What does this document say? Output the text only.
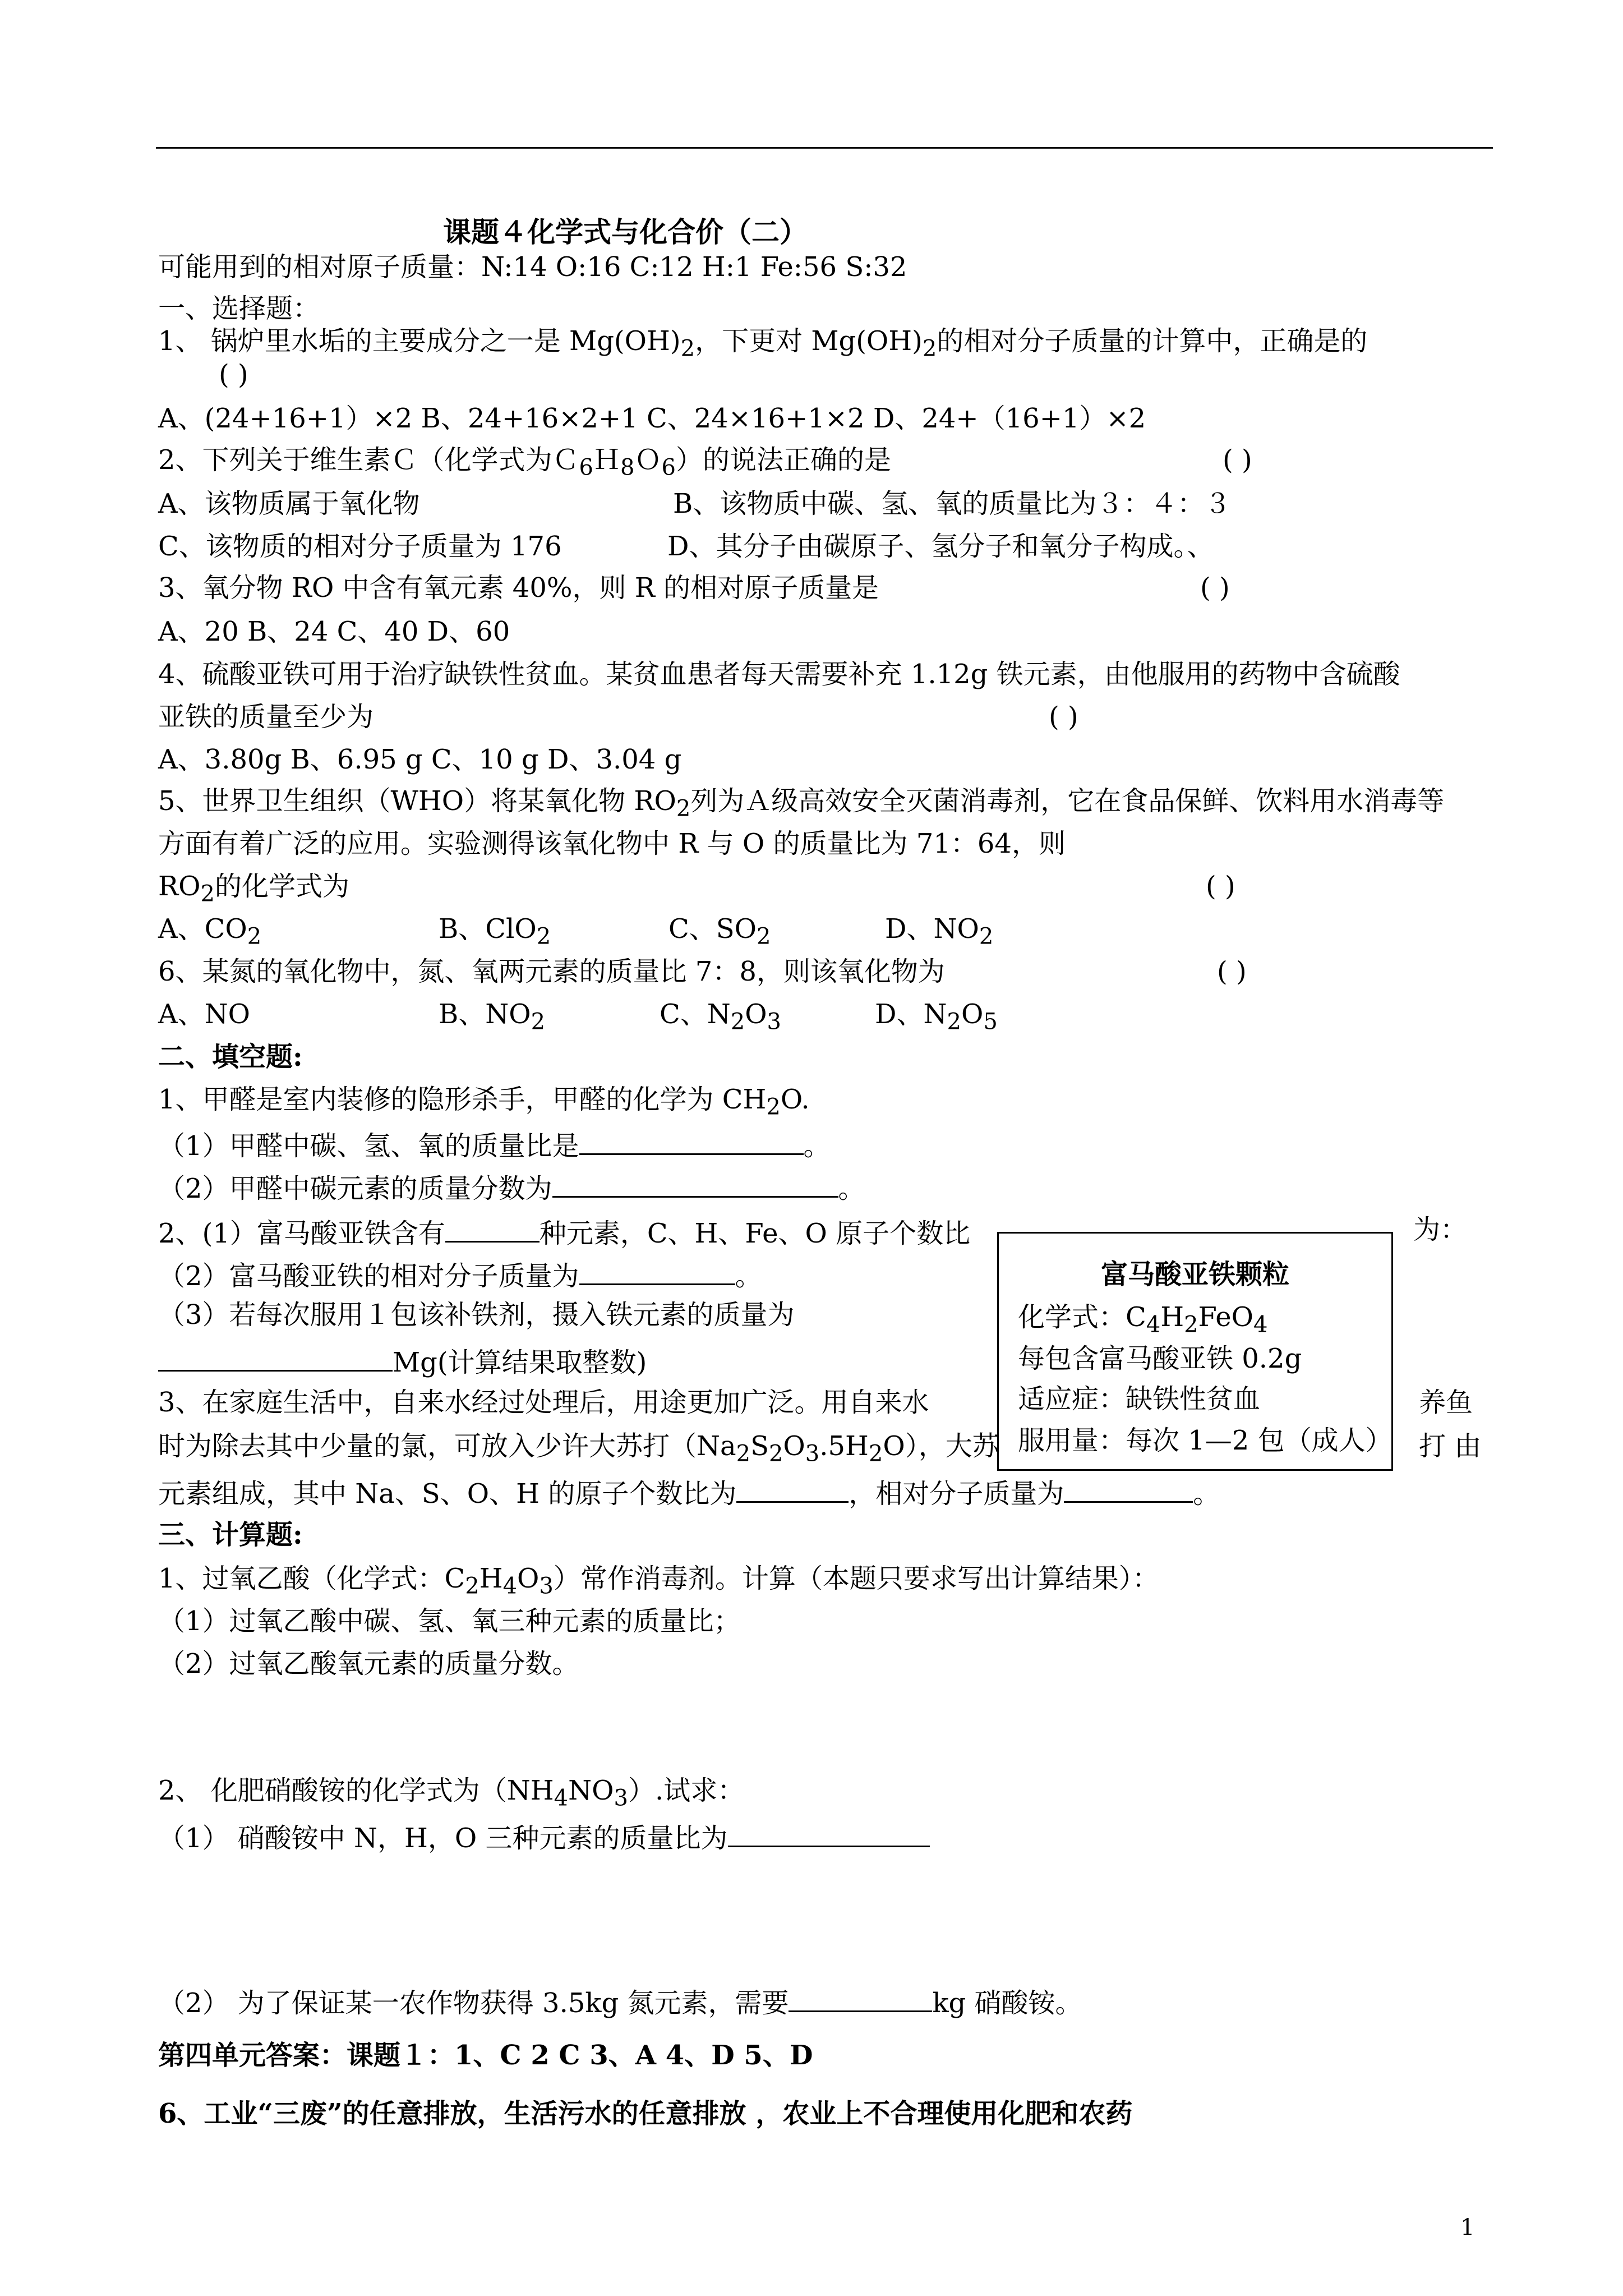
课题４化学式与化合价（二）
可能用到的相对原子质量：N:14 O:16 C:12 H:1 Fe:56 S:32
一、选择题：
1、 锅炉里水垢的主要成分之一是 $Mg(OH)_2$，下更对 $Mg(OH)_2$的相对分子质量的计算中，正确是的
( )
A、(24+16+1）×2 B、24+16×2+1 C、24×16+1×2 D、24+（16+1）×2
2、下列关于维生素Ｃ（化学式为Ｃ$_6$Ｈ$_8$Ｏ$_6$）的说法正确的是	( )
A、该物质属于氧化物	B、该物质中碳、氢、氧的质量比为３：４：３
C、该物质的相对分子质量为 176	D、其分子由碳原子、氢分子和氧分子构成。、
3、氧分物 RO 中含有氧元素 40%，则 R 的相对原子质量是	( )
A、20 B、24 C、40 D、60
4、硫酸亚铁可用于治疗缺铁性贫血。某贫血患者每天需要补充 1.12g 铁元素，由他服用的药物中含硫酸
亚铁的质量至少为	( )
A、3.80g B、6.95 g C、10 g D、3.04 g
5、世界卫生组织（WHO）将某氧化物 $RO_2$列为Ａ级高效安全灭菌消毒剂，它在食品保鲜、饮料用水消毒等
方面有着广泛的应用。实验测得该氧化物中 R 与 O 的质量比为 71：64，则
$RO_2$的化学式为	( )
A、$CO_2$	B、ClO$_2$	C、$SO_2$	D、$NO_2$
6、某氮的氧化物中，氮、氧两元素的质量比 7：8，则该氧化物为	( )
A、NO	B、$NO_2$	C、$N_2O_3$	D、$N_2O_5$
二、填空题:
1、甲醛是室内装修的隐形杀手，甲醛的化学为 $CH_2O$.
（1）甲醛中碳、氢、氧的质量比是	。
（2）甲醛中碳元素的质量分数为	。
2、(1）富马酸亚铁含有	种元素，C、H、Fe、O 原子个数比	为：
（2）富马酸亚铁的相对分子质量为	。
（3）若每次服用１包该补铁剂，摄入铁元素的质量为
Mg(计算结果取整数)
3、在家庭生活中，自来水经过处理后，用途更加广泛。用自来水	养鱼
时为除去其中少量的氯，可放入少许大苏打$(Na_2S_2O_3.5H_2O)$，大苏	打 由
元素组成，其中 Na、S、O、H 的原子个数比为	，相对分子质量为	。
富马酸亚铁颗粒
化学式：$C_4H_2FeO_4$
每包含富马酸亚铁 0.2g
适应症：缺铁性贫血
服用量：每次 1—2 包（成人）
三、计算题:
1、过氧乙酸（化学式：$C_2H_4O_3$）常作消毒剂。计算（本题只要求写出计算结果）：
（1）过氧乙酸中碳、氢、氧三种元素的质量比；
（2）过氧乙酸氧元素的质量分数。
2、 化肥硝酸铵的化学式为$(NH_4NO_3)$.试求：
（1） 硝酸铵中 N，H，O 三种元素的质量比为
（2） 为了保证某一农作物获得 3.5kg 氮元素，需要	kg 硝酸铵。
第四单元答案：课题１：1、C 2 C 3、A 4、D 5、D
6、工业“三废”的任意排放，生活污水的任意排放 ，农业上不合理使用化肥和农药
1
